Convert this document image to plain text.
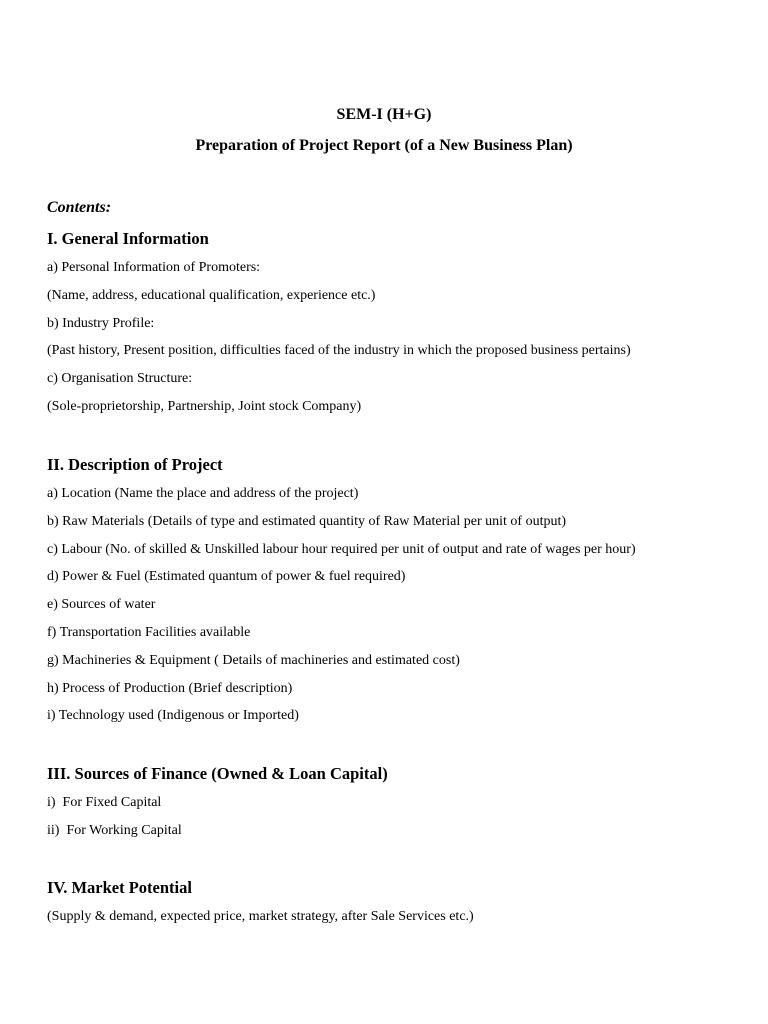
SEM-I (H+G)
Preparation of Project Report (of a New Business Plan)

Contents:

I. General Information
a) Personal Information of Promoters:
(Name, address, educational qualification, experience etc.)
b) Industry Profile:
(Past history, Present position, difficulties faced of the industry in which the proposed business pertains)
c) Organisation Structure:
(Sole-proprietorship, Partnership, Joint stock Company)
II. Description of Project
a) Location (Name the place and address of the project)
b) Raw Materials (Details of type and estimated quantity of Raw Material per unit of output)
c) Labour (No. of skilled & Unskilled labour hour required per unit of output and rate of wages per hour)
d) Power & Fuel (Estimated quantum of power & fuel required)
e) Sources of water
f) Transportation Facilities available
g) Machineries & Equipment ( Details of machineries and estimated cost)
h) Process of Production (Brief description)
i) Technology used (Indigenous or Imported)
III. Sources of Finance (Owned & Loan Capital)
i)  For Fixed Capital
ii)  For Working Capital
IV. Market Potential
(Supply & demand, expected price, market strategy, after Sale Services etc.)
